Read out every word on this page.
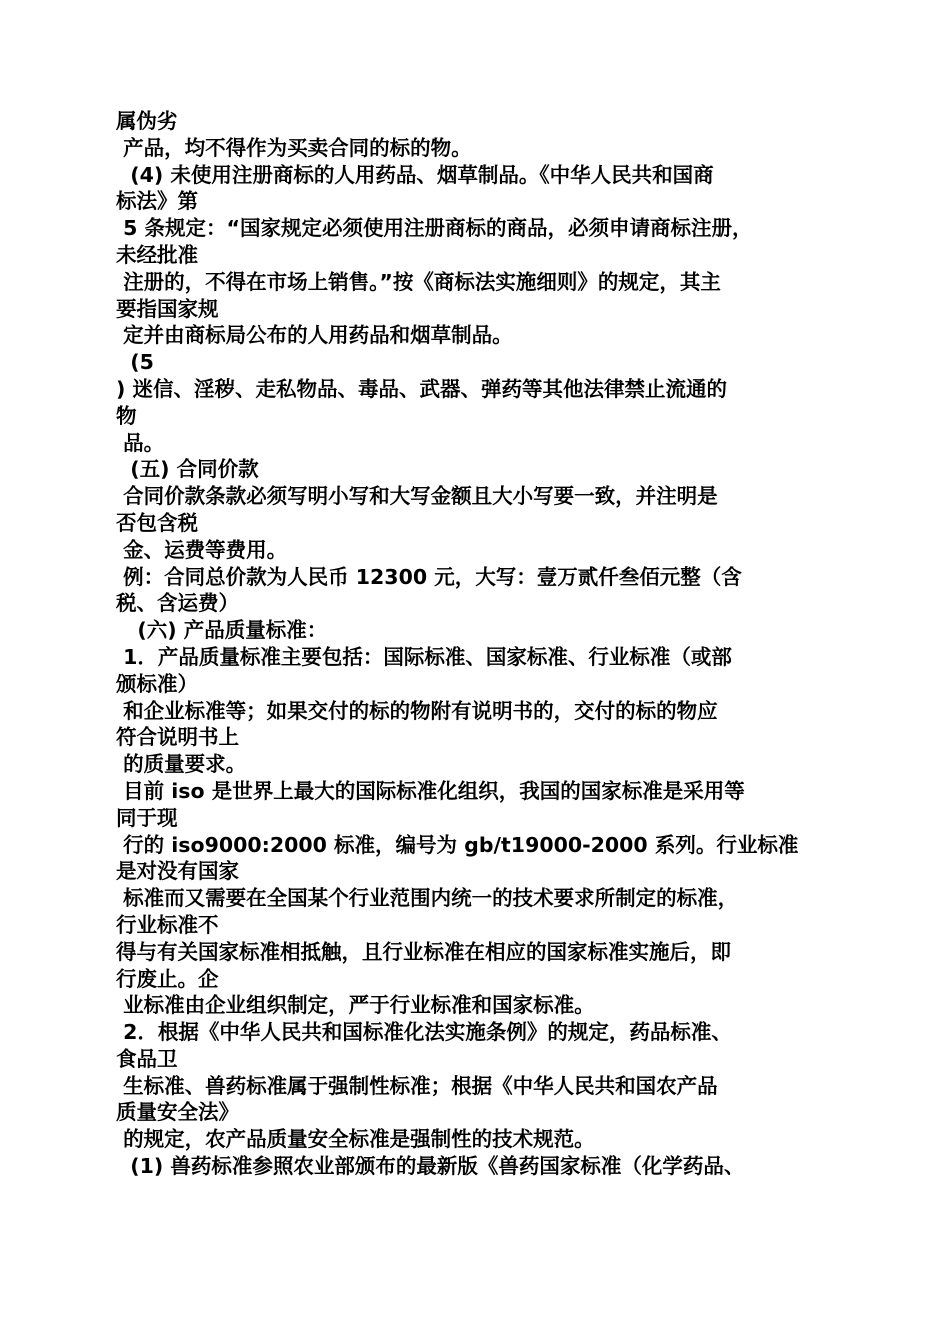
属伪劣
产品，均不得作为买卖合同的标的物。
(4) 未使用注册商标的人用药品、烟草制品。《中华人民共和国商
标法》第
5 条规定：“国家规定必须使用注册商标的商品，必须申请商标注册，
未经批准
注册的，不得在市场上销售。”按《商标法实施细则》的规定，其主
要指国家规
定并由商标局公布的人用药品和烟草制品。
(5
) 迷信、淫秽、走私物品、毒品、武器、弹药等其他法律禁止流通的
物
品。
(五) 合同价款
合同价款条款必须写明小写和大写金额且大小写要一致，并注明是
否包含税
金、运费等费用。
例：合同总价款为人民币 12300 元，大写：壹万贰仟叁佰元整（含
税、含运费）
(六) 产品质量标准：
1．产品质量标准主要包括：国际标准、国家标准、行业标准（或部
颁标准）
和企业标准等；如果交付的标的物附有说明书的，交付的标的物应
符合说明书上
的质量要求。
目前 iso 是世界上最大的国际标准化组织，我国的国家标准是采用等
同于现
行的 iso9000:2000 标准，编号为 gb/t19000-2000 系列。行业标准
是对没有国家
标准而又需要在全国某个行业范围内统一的技术要求所制定的标准，
行业标准不
得与有关国家标准相抵触，且行业标准在相应的国家标准实施后，即
行废止。企
业标准由企业组织制定，严于行业标准和国家标准。
2．根据《中华人民共和国标准化法实施条例》的规定，药品标准、
食品卫
生标准、兽药标准属于强制性标准；根据《中华人民共和国农产品
质量安全法》
的规定，农产品质量安全标准是强制性的技术规范。
(1) 兽药标准参照农业部颁布的最新版《兽药国家标准（化学药品、
